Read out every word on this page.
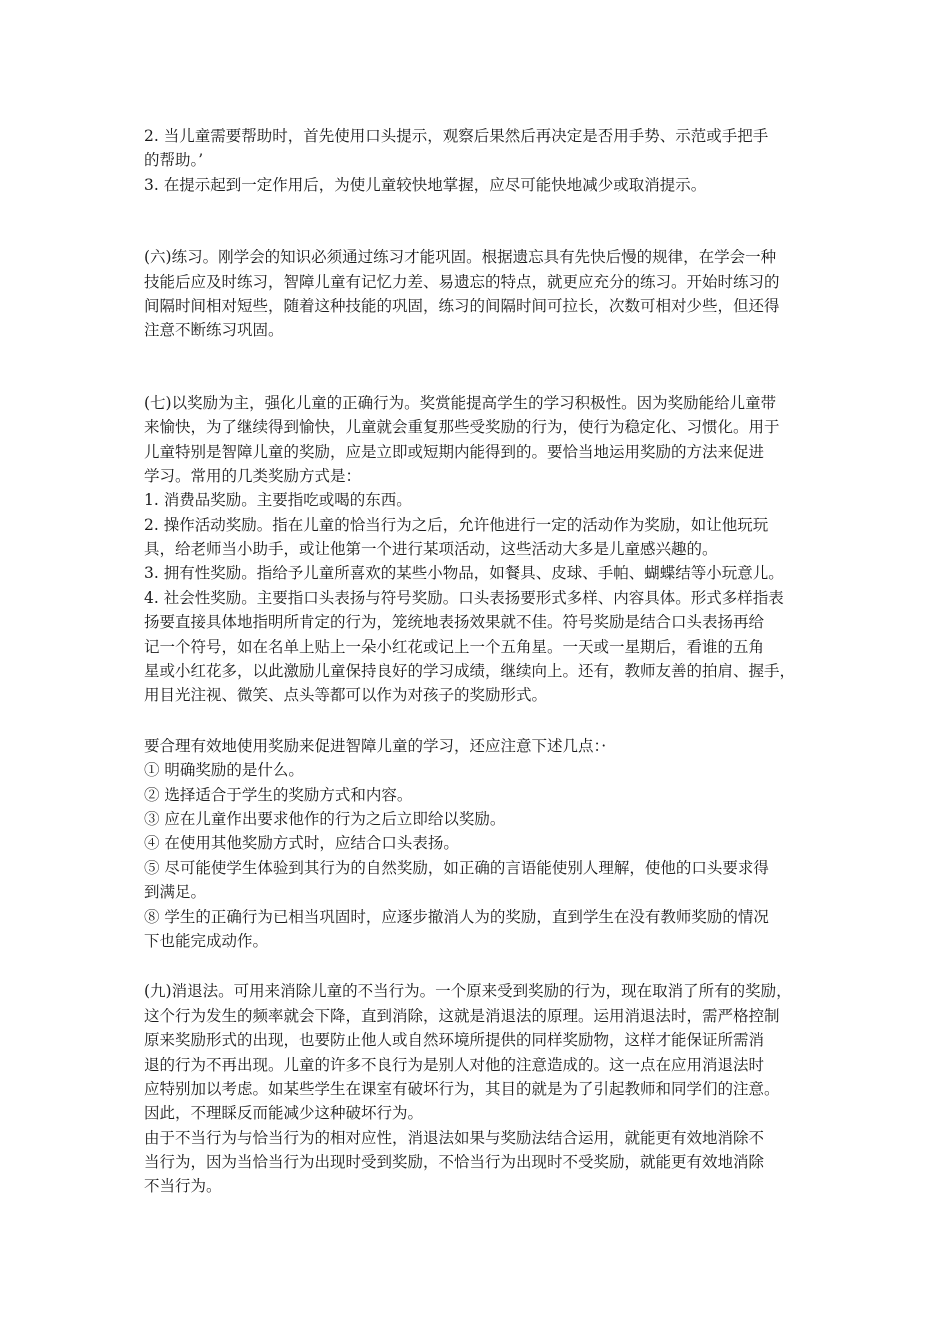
2. 当儿童需要帮助时，首先使用口头提示，观察后果然后再决定是否用手势、示范或手把手
的帮助。’
3. 在提示起到一定作用后，为使儿童较快地掌握，应尽可能快地减少或取消提示。
(六)练习。刚学会的知识必须通过练习才能巩固。根据遗忘具有先快后慢的规律，在学会一种
技能后应及时练习，智障儿童有记忆力差、易遗忘的特点，就更应充分的练习。开始时练习的
间隔时间相对短些，随着这种技能的巩固，练习的间隔时间可拉长，次数可相对少些，但还得
注意不断练习巩固。
(七)以奖励为主，强化儿童的正确行为。奖赏能提高学生的学习积极性。因为奖励能给儿童带
来愉快，为了继续得到愉快，儿童就会重复那些受奖励的行为，使行为稳定化、习惯化。用于
儿童特别是智障儿童的奖励，应是立即或短期内能得到的。要恰当地运用奖励的方法来促进
学习。常用的几类奖励方式是：
1. 消费品奖励。主要指吃或喝的东西。
2. 操作活动奖励。指在儿童的恰当行为之后，允许他进行一定的活动作为奖励，如让他玩玩
具，给老师当小助手，或让他第一个进行某项活动，这些活动大多是儿童感兴趣的。
3. 拥有性奖励。指给予儿童所喜欢的某些小物品，如餐具、皮球、手帕、蝴蝶结等小玩意儿。
4. 社会性奖励。主要指口头表扬与符号奖励。口头表扬要形式多样、内容具体。形式多样指表
扬要直接具体地指明所肯定的行为，笼统地表扬效果就不佳。符号奖励是结合口头表扬再给
记一个符号，如在名单上贴上一朵小红花或记上一个五角星。一天或一星期后，看谁的五角
星或小红花多，以此激励儿童保持良好的学习成绩，继续向上。还有，教师友善的拍肩、握手，
用目光注视、微笑、点头等都可以作为对孩子的奖励形式。
要合理有效地使用奖励来促进智障儿童的学习，还应注意下述几点：·
① 明确奖励的是什么。
② 选择适合于学生的奖励方式和内容。
③ 应在儿童作出要求他作的行为之后立即给以奖励。
④ 在使用其他奖励方式时，应结合口头表扬。
⑤ 尽可能使学生体验到其行为的自然奖励，如正确的言语能使别人理解，使他的口头要求得
到满足。
⑧ 学生的正确行为已相当巩固时，应逐步撤消人为的奖励，直到学生在没有教师奖励的情况
下也能完成动作。
(九)消退法。可用来消除儿童的不当行为。一个原来受到奖励的行为，现在取消了所有的奖励，
这个行为发生的频率就会下降，直到消除，这就是消退法的原理。运用消退法时，需严格控制
原来奖励形式的出现，也要防止他人或自然环境所提供的同样奖励物，这样才能保证所需消
退的行为不再出现。儿童的许多不良行为是别人对他的注意造成的。这一点在应用消退法时
应特别加以考虑。如某些学生在课室有破坏行为，其目的就是为了引起教师和同学们的注意。
因此，不理睬反而能减少这种破坏行为。
由于不当行为与恰当行为的相对应性，消退法如果与奖励法结合运用，就能更有效地消除不
当行为，因为当恰当行为出现时受到奖励，不恰当行为出现时不受奖励，就能更有效地消除
不当行为。
